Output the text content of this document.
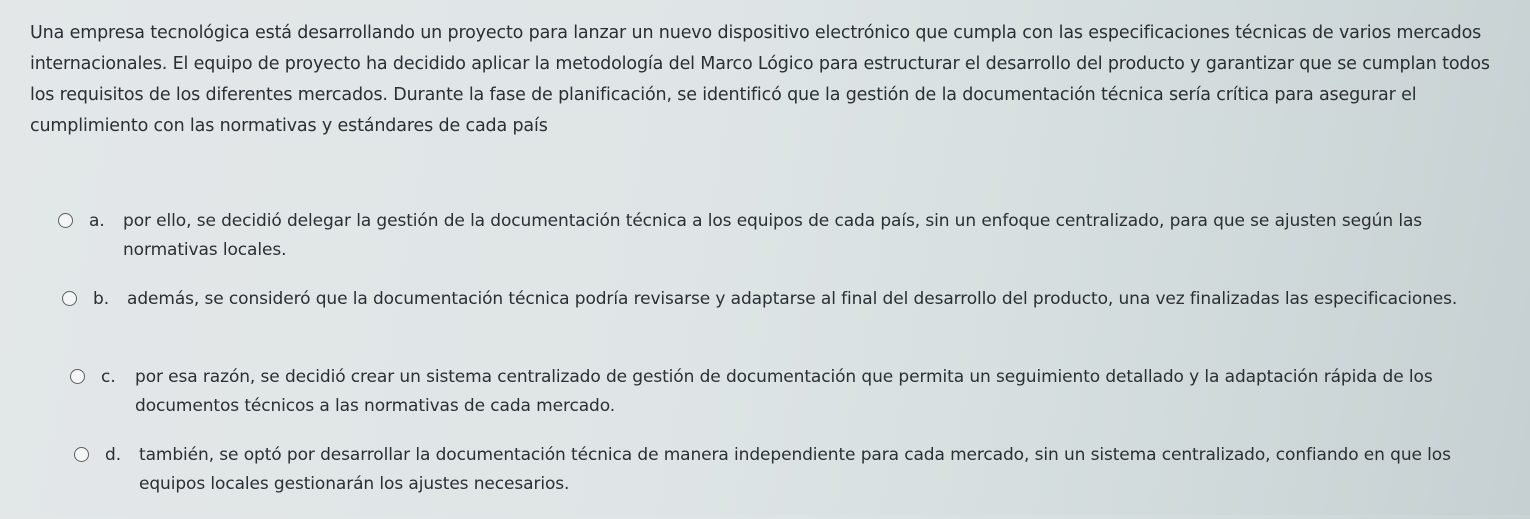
Una empresa tecnológica está desarrollando un proyecto para lanzar un nuevo dispositivo electrónico que cumpla con las especificaciones técnicas de varios mercados internacionales. El equipo de proyecto ha decidido aplicar la metodología del Marco Lógico para estructurar el desarrollo del producto y garantizar que se cumplan todos los requisitos de los diferentes mercados. Durante la fase de planificación, se identificó que la gestión de la documentación técnica sería crítica para asegurar el cumplimiento con las normativas y estándares de cada país

a.	por ello, se decidió delegar la gestión de la documentación técnica a los equipos de cada país, sin un enfoque centralizado, para que se ajusten según las normativas locales.
b.	además, se consideró que la documentación técnica podría revisarse y adaptarse al final del desarrollo del producto, una vez finalizadas las especificaciones.
c.	por esa razón, se decidió crear un sistema centralizado de gestión de documentación que permita un seguimiento detallado y la adaptación rápida de los documentos técnicos a las normativas de cada mercado.
d.	también, se optó por desarrollar la documentación técnica de manera independiente para cada mercado, sin un sistema centralizado, confiando en que los equipos locales gestionarán los ajustes necesarios.
